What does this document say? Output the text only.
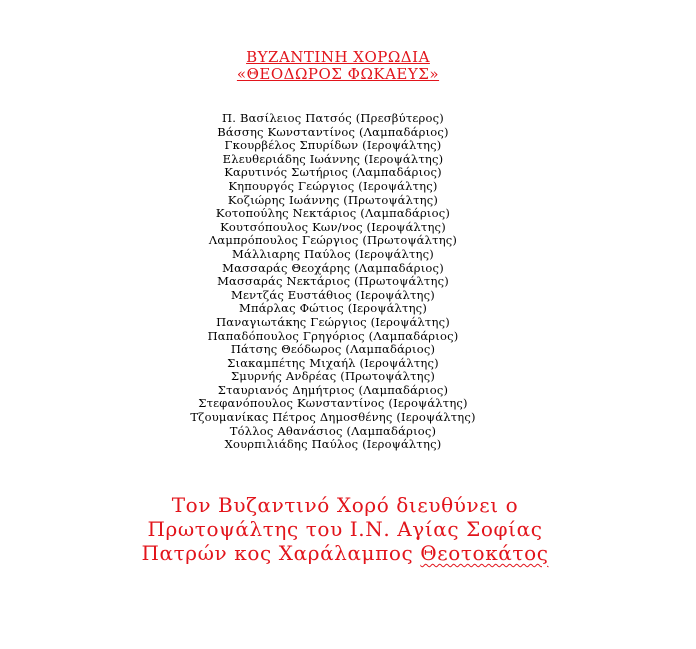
ΒΥΖΑΝΤΙΝΗ ΧΟΡΩΔΙΑ
«ΘΕΟΔΩΡΟΣ ΦΩΚΑΕΥΣ»
Π. Βασίλειος Πατσός (Πρεσβύτερος)
Βάσσης Κωνσταντίνος (Λαμπαδάριος)
Γκουρβέλος Σπυρίδων (Ιεροψάλτης)
Ελευθεριάδης Ιωάννης (Ιεροψάλτης)
Καρυτινός Σωτήριος (Λαμπαδάριος)
Κηπουργός Γεώργιος (Ιεροψάλτης)
Κοζιώρης Ιωάννης (Πρωτοψάλτης)
Κοτοπούλης Νεκτάριος (Λαμπαδάριος)
Κουτσόπουλος Κων/νος (Ιεροψάλτης)
Λαμπρόπουλος Γεώργιος (Πρωτοψάλτης)
Μάλλιαρης Παύλος (Ιεροψάλτης)
Μασσαράς Θεοχάρης (Λαμπαδάριος)
Μασσαράς Νεκτάριος (Πρωτοψάλτης)
Μεντζάς Ευστάθιος (Ιεροψάλτης)
Μπάρλας Φώτιος (Ιεροψάλτης)
Παναγιωτάκης Γεώργιος (Ιεροψάλτης)
Παπαδόπουλος Γρηγόριος (Λαμπαδάριος)
Πάτσης Θεόδωρος (Λαμπαδάριος)
Σιακαμπέτης Μιχαήλ (Ιεροψάλτης)
Σμυρνής Ανδρέας (Πρωτοψάλτης)
Σταυριανός Δημήτριος (Λαμπαδάριος)
Στεφανόπουλος Κωνσταντίνος (Ιεροψάλτης)
Τζουμανίκας Πέτρος Δημοσθένης (Ιεροψάλτης)
Τόλλος Αθανάσιος (Λαμπαδάριος)
Χουρπιλιάδης Παύλος (Ιεροψάλτης)
Τον Βυζαντινό Χορό διευθύνει ο
Πρωτοψάλτης του Ι.Ν. Αγίας Σοφίας
Πατρών κος Χαράλαμπος Θεοτοκάτος
